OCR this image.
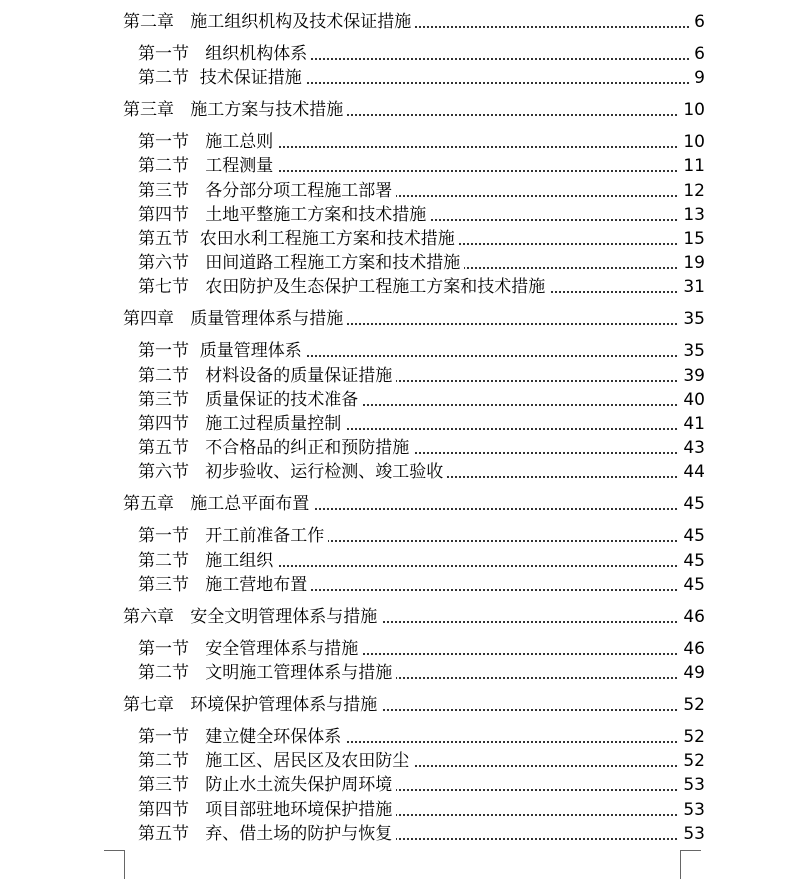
第二章   施工组织机构及技术保证措施	6
第一节   组织机构体系	6
第二节  技术保证措施	9
第三章   施工方案与技术措施	10
第一节   施工总则	10
第二节   工程测量	11
第三节   各分部分项工程施工部署	12
第四节   土地平整施工方案和技术措施	13
第五节  农田水利工程施工方案和技术措施	15
第六节   田间道路工程施工方案和技术措施	19
第七节   农田防护及生态保护工程施工方案和技术措施	31
第四章   质量管理体系与措施	35
第一节  质量管理体系	35
第二节   材料设备的质量保证措施	39
第三节   质量保证的技术准备	40
第四节   施工过程质量控制	41
第五节   不合格品的纠正和预防措施	43
第六节   初步验收、运行检测、竣工验收	44
第五章   施工总平面布置	45
第一节   开工前准备工作	45
第二节   施工组织	45
第三节   施工营地布置	45
第六章   安全文明管理体系与措施	46
第一节   安全管理体系与措施	46
第二节   文明施工管理体系与措施	49
第七章   环境保护管理体系与措施	52
第一节   建立健全环保体系	52
第二节   施工区、居民区及农田防尘	52
第三节   防止水土流失保护周环境	53
第四节   项目部驻地环境保护措施	53
第五节   弃、借土场的防护与恢复	53
